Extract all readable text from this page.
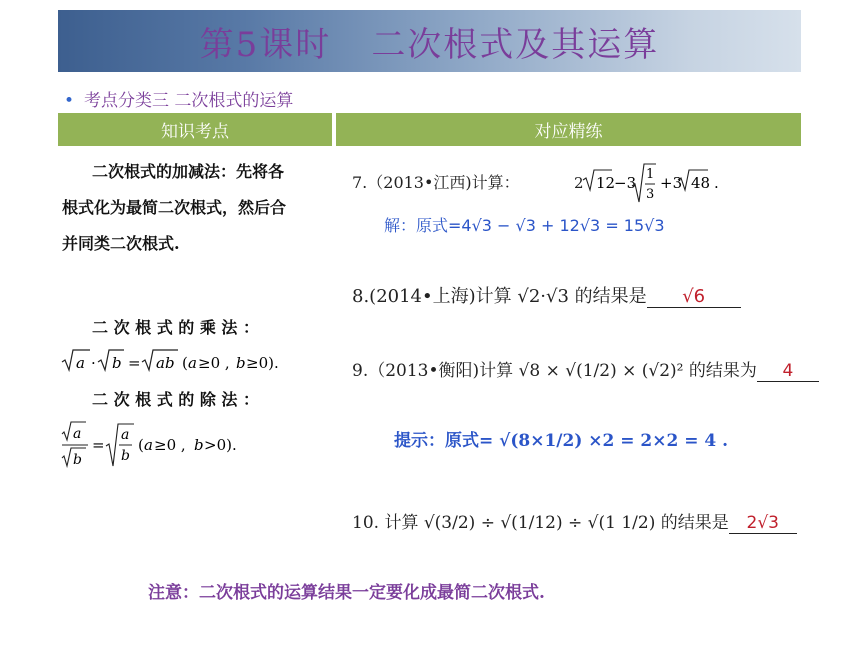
第5课时 二次根式及其运算
• 考点分类三 二次根式的运算
知识考点	对应精练
二次根式的加减法：先将各
根式化为最简二次根式，然后合
并同类二次根式.
二 次 根 式 的 乘 法 ：
a · b = ab ( a ≥0 , b ≥0).
二 次 根 式 的 除 法 ：
a
b
=
a
b
( a ≥0 , b >0).
7.（2013•江西)计算：	2 12
−3 1
3
+3 48 .
解：原式=4√3 − √3 + 12√3 = 15√3
8.(2014•上海)计算 √2·√3 的结果是 √6
9.（2013•衡阳)计算 √8 × √(1/2) × (√2)² 的结果为 4
提示：原式= √(8×1/2) ×2 = 2×2 = 4 .
10. 计算 √(3/2) ÷ √(1/12) ÷ √(1 1/2) 的结果是 2√3
注意：二次根式的运算结果一定要化成最简二次根式.
